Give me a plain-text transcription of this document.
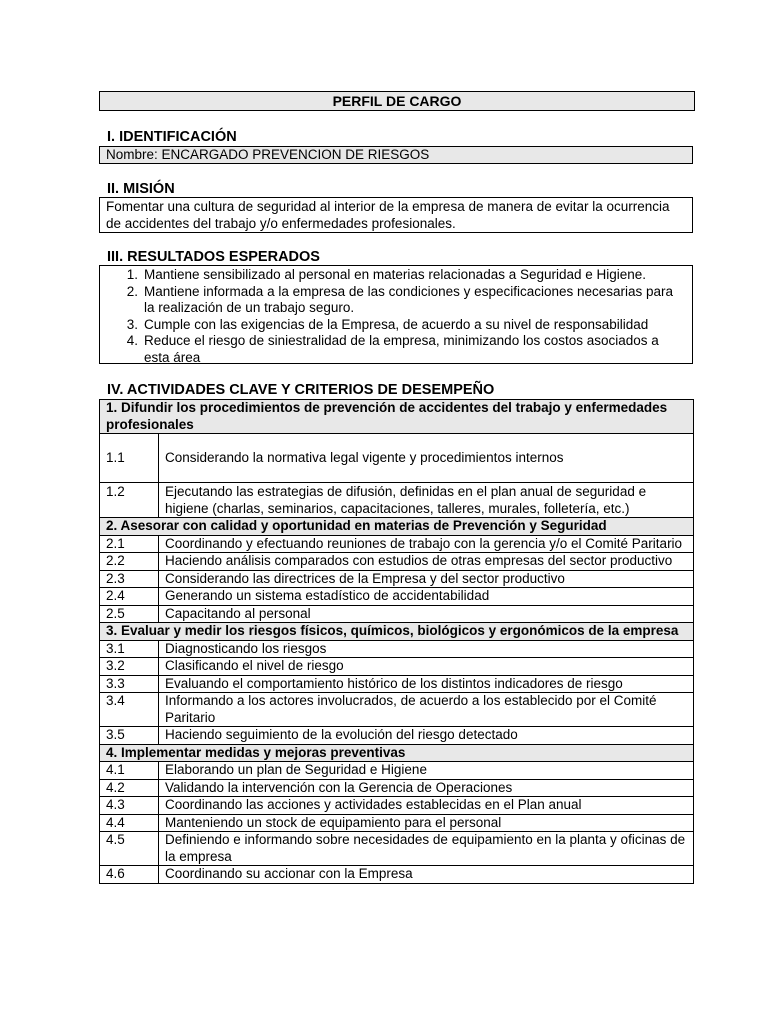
PERFIL DE CARGO
I. IDENTIFICACIÓN
Nombre: ENCARGADO PREVENCION DE RIESGOS
II. MISIÓN
Fomentar una cultura de seguridad al interior de la empresa de manera de evitar la ocurrencia de accidentes del trabajo y/o enfermedades profesionales.
III. RESULTADOS ESPERADOS
1. Mantiene sensibilizado al personal en materias relacionadas a Seguridad e Higiene.
2. Mantiene informada a la empresa de las condiciones y especificaciones necesarias para la realización de un trabajo seguro.
3. Cumple con las exigencias de la Empresa, de acuerdo a su nivel de responsabilidad
4. Reduce el riesgo de siniestralidad de la empresa, minimizando los costos asociados a esta área
IV. ACTIVIDADES CLAVE Y CRITERIOS DE DESEMPEÑO
1. Difundir los procedimientos de prevención de accidentes del trabajo y enfermedades profesionales	
1.1	Considerando la normativa legal vigente y procedimientos internos
1.2	Ejecutando las estrategias de difusión, definidas en el plan anual de seguridad e higiene (charlas, seminarios, capacitaciones, talleres, murales, folletería, etc.)
2. Asesorar con calidad y oportunidad en materias de Prevención y Seguridad	
2.1	Coordinando y efectuando reuniones de trabajo con la gerencia y/o el Comité Paritario
2.2	Haciendo análisis comparados con estudios de otras empresas del sector productivo
2.3	Considerando las directrices de la Empresa y del sector productivo
2.4	Generando un sistema estadístico de accidentabilidad
2.5	Capacitando al personal
3. Evaluar y medir los riesgos físicos, químicos, biológicos y ergonómicos de la empresa	
3.1	Diagnosticando los riesgos
3.2	Clasificando el nivel de riesgo
3.3	Evaluando el comportamiento histórico de los distintos indicadores de riesgo
3.4	Informando a los actores involucrados, de acuerdo a los establecido por el Comité Paritario
3.5	Haciendo seguimiento de la evolución del riesgo detectado
4. Implementar medidas y mejoras preventivas	
4.1	Elaborando un plan de Seguridad e Higiene
4.2	Validando la intervención con la Gerencia de Operaciones
4.3	Coordinando las acciones y actividades establecidas en el Plan anual
4.4	Manteniendo un stock de equipamiento para el personal
4.5	Definiendo e informando sobre necesidades de equipamiento en la planta y oficinas de la empresa
4.6	Coordinando su accionar con la Empresa
